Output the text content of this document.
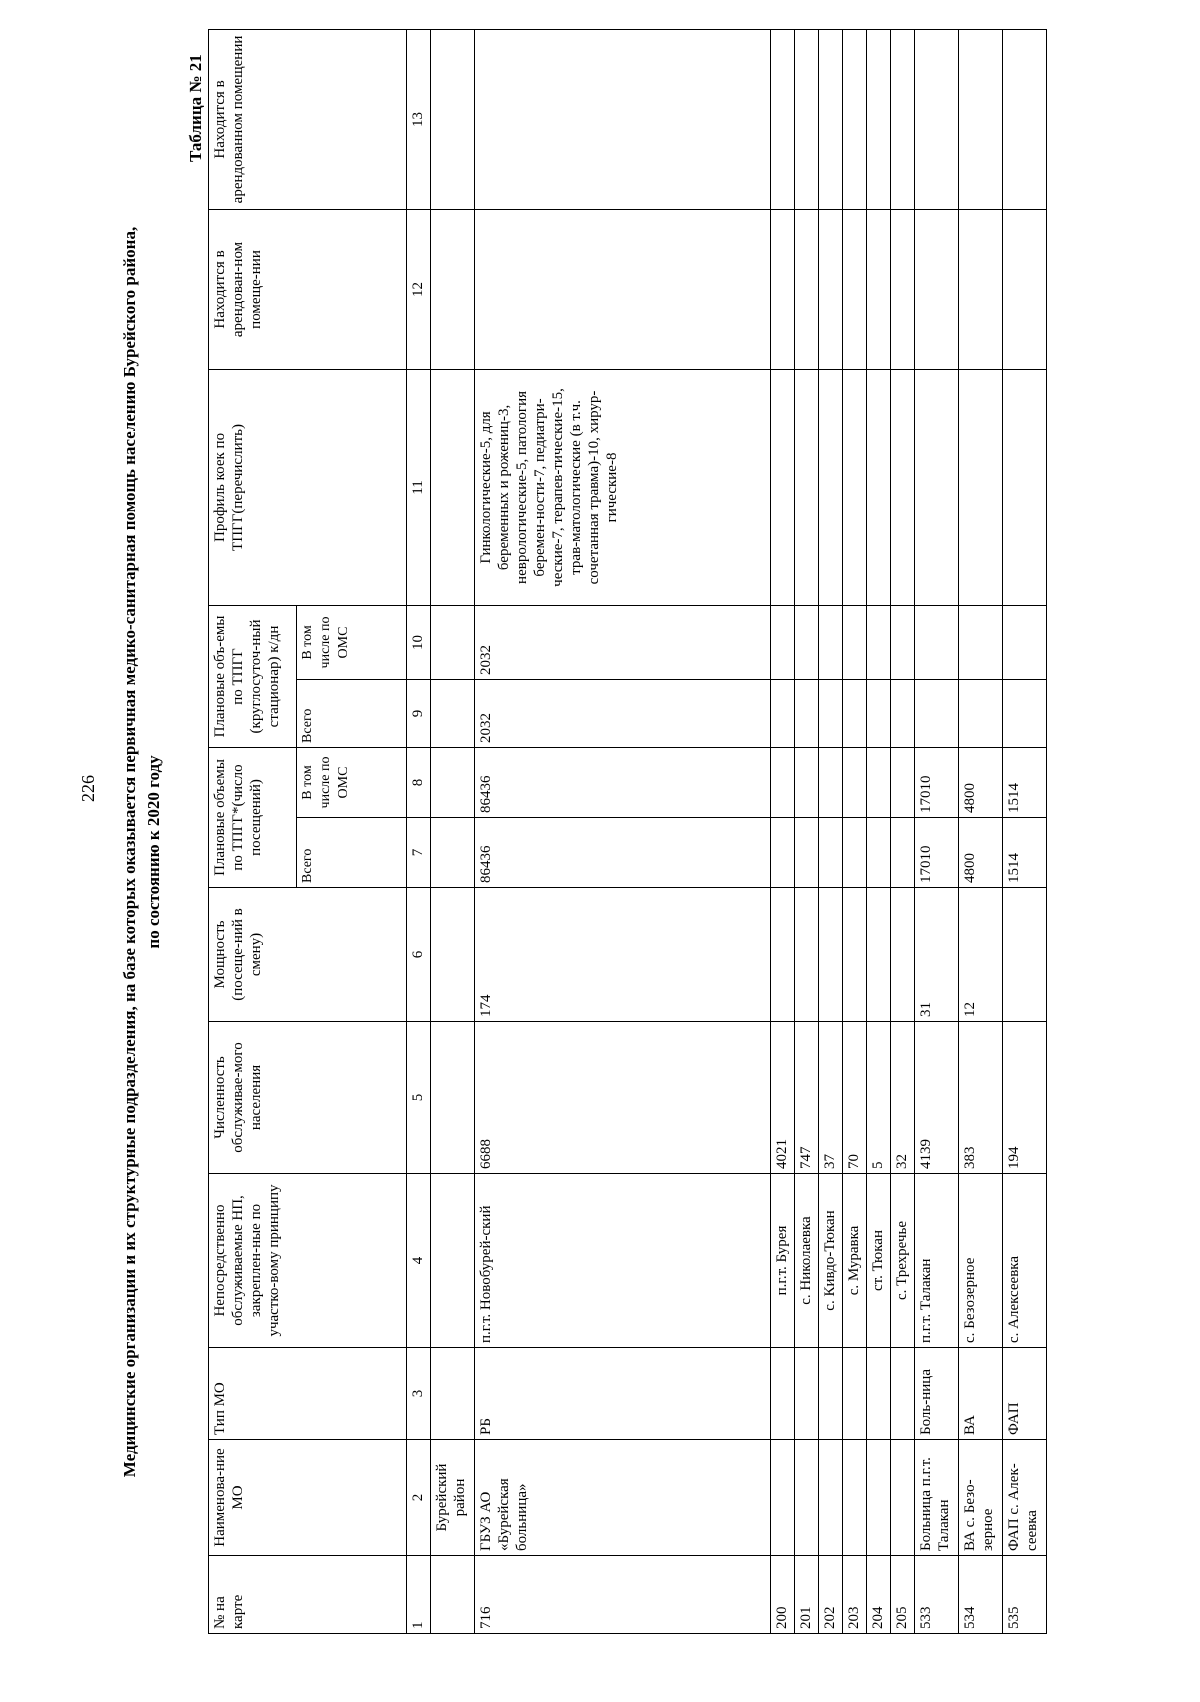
226 Медицинские организации и их структурные подразделения, на базе которых оказывается первичная медико-санитарная помощь населению Бурейского района, по состоянию к 2020 году
Таблица № 21
№ на карте	Наименова-ние МО	Тип МО	Непосредственно обслуживаемые НП, закреплен-ные по участко-вому принципу	Численность обслуживае-мого населения	Мощность (посеще-ний в смену)	Плановые объемы по ТПГГ*(число посещений)		Плановые объ-емы по ТПГГ (круглосуточ-ный стационар) к/дн		Профиль коек по ТПГГ(перечислить)	Находится в арендован-ном помеще-нии	Находится в арендованном помещении
						Всего	В том числе по ОМС	Всего	В том числе по ОМС			
1	2	3	4	5	6	7	8	9	10	11	12	13
	Бурейский район											
716	ГБУЗ АО «Бурейская больница»	РБ	п.г.т. Новобурей-ский	6688	174	86436	86436	2032	2032	Гинкологические-5, для беременных и рожениц-3, неврологические-5, патология беремен-ности-7, педиатри-ческие-7, терапев-тические-15, трав-матологические (в т.ч. сочетанная травма)-10, хирур-гические-8		
200			п.г.т. Бурея	4021								
201			с. Николаевка	747								
202			с. Кивдо-Тюкан	37								
203			с. Муравка	70								
204			ст. Тюкан	5								
205			с. Трехречье	32								
533	Больница п.г.т. Талакан	Боль-ница	п.г.т. Талакан	4139	31	17010	17010					
534	ВА с. Безо-зерное	ВА	с. Безозерное	383	12	4800	4800					
535	ФАП с. Алек-сеевка	ФАП	с. Алексеевка	194		1514	1514					
